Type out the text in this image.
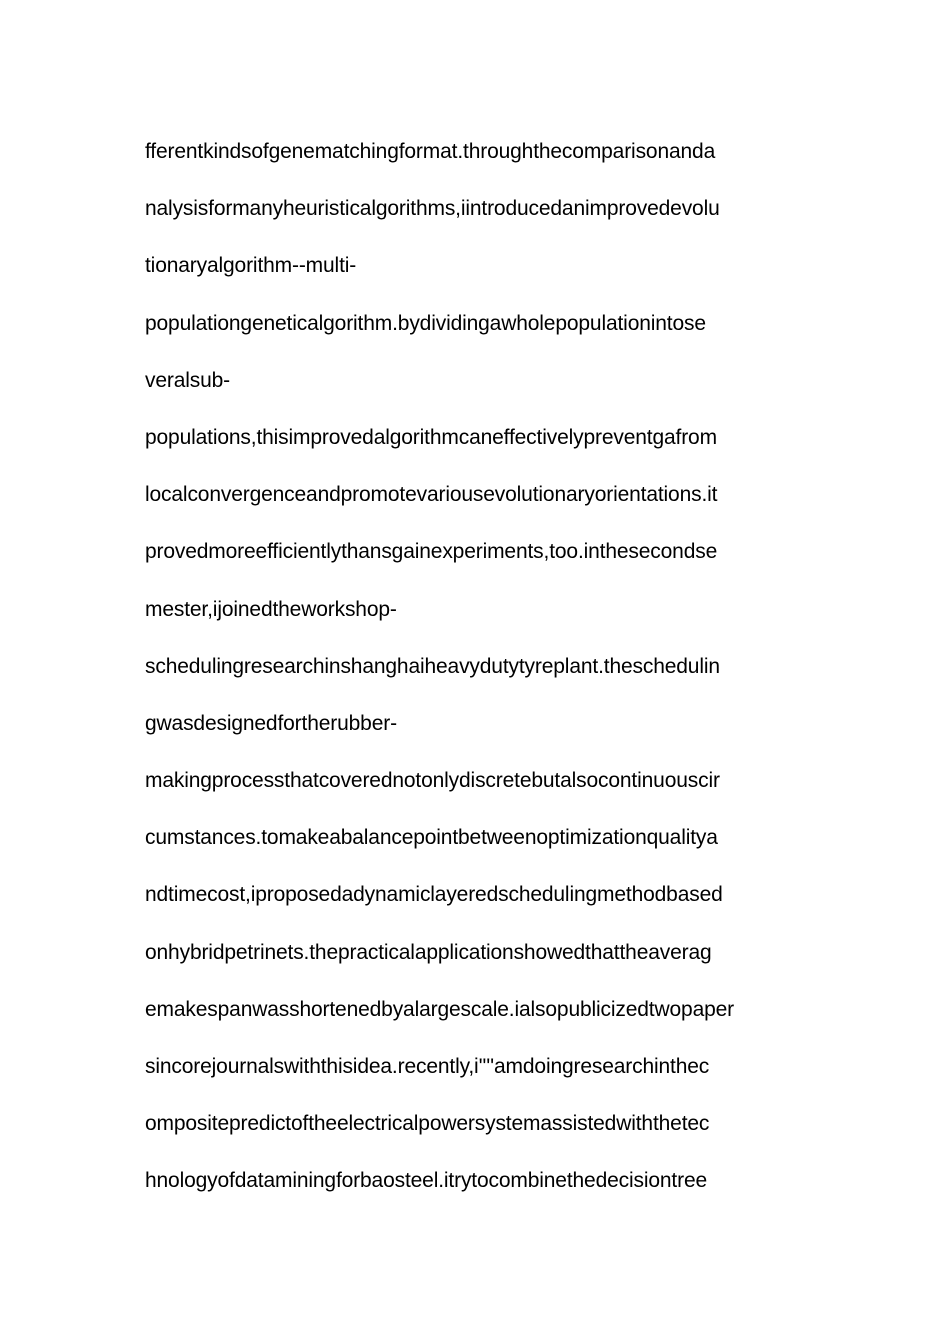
fferentkindsofgenematchingformat.throughthecomparisonanda
nalysisformanyheuristicalgorithms,iintroducedanimprovedevolu
tionaryalgorithm--multi-
populationgeneticalgorithm.bydividingawholepopulationintose
veralsub-
populations,thisimprovedalgorithmcaneffectivelypreventgafrom
localconvergenceandpromotevariousevolutionaryorientations.it
provedmoreefficientlythansgainexperiments,too.inthesecondse
mester,ijoinedtheworkshop-
schedulingresearchinshanghaiheavydutytyreplant.theschedulin
gwasdesignedfortherubber-
makingprocessthatcoverednotonlydiscretebutalsocontinuouscir
cumstances.tomakeabalancepointbetweenoptimizationqualitya
ndtimecost,iproposedadynamiclayeredschedulingmethodbased
onhybridpetrinets.thepracticalapplicationshowedthattheaverag
emakespanwasshortenedbyalargescale.ialsopublicizedtwopaper
sincorejournalswiththisidea.recently,i''''amdoingresearchinthec
ompositepredictoftheelectricalpowersystemassistedwiththetec
hnologyofdataminingforbaosteel.itrytocombinethedecisiontree
